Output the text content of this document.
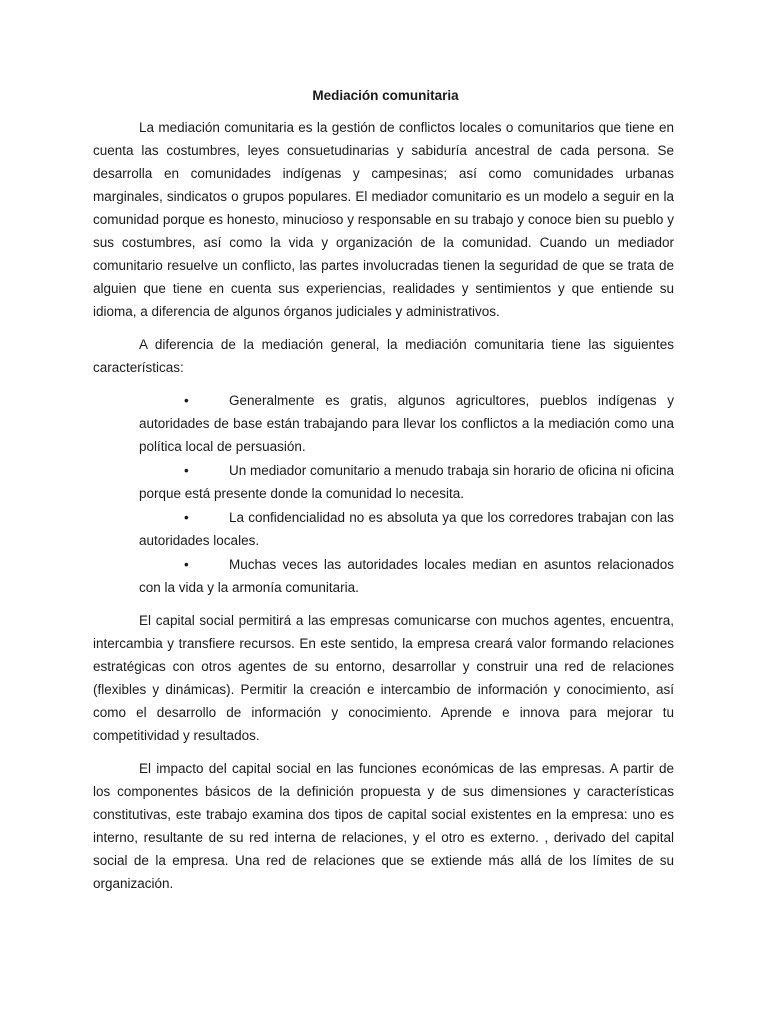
Mediación comunitaria

La mediación comunitaria es la gestión de conflictos locales o comunitarios que tiene en cuenta las costumbres, leyes consuetudinarias y sabiduría ancestral de cada persona. Se desarrolla en comunidades indígenas y campesinas; así como comunidades urbanas marginales, sindicatos o grupos populares. El mediador comunitario es un modelo a seguir en la comunidad porque es honesto, minucioso y responsable en su trabajo y conoce bien su pueblo y sus costumbres, así como la vida y organización de la comunidad. Cuando un mediador comunitario resuelve un conflicto, las partes involucradas tienen la seguridad de que se trata de alguien que tiene en cuenta sus experiencias, realidades y sentimientos y que entiende su idioma, a diferencia de algunos órganos judiciales y administrativos.

A diferencia de la mediación general, la mediación comunitaria tiene las siguientes características:

•	Generalmente es gratis, algunos agricultores, pueblos indígenas y autoridades de base están trabajando para llevar los conflictos a la mediación como una política local de persuasión.
•	Un mediador comunitario a menudo trabaja sin horario de oficina ni oficina porque está presente donde la comunidad lo necesita.
•	La confidencialidad no es absoluta ya que los corredores trabajan con las autoridades locales.
•	Muchas veces las autoridades locales median en asuntos relacionados con la vida y la armonía comunitaria.

El capital social permitirá a las empresas comunicarse con muchos agentes, encuentra, intercambia y transfiere recursos. En este sentido, la empresa creará valor formando relaciones estratégicas con otros agentes de su entorno, desarrollar y construir una red de relaciones (flexibles y dinámicas). Permitir la creación e intercambio de información y conocimiento, así como el desarrollo de información y conocimiento. Aprende e innova para mejorar tu competitividad y resultados.

El impacto del capital social en las funciones económicas de las empresas. A partir de los componentes básicos de la definición propuesta y de sus dimensiones y características constitutivas, este trabajo examina dos tipos de capital social existentes en la empresa: uno es interno, resultante de su red interna de relaciones, y el otro es externo. , derivado del capital social de la empresa. Una red de relaciones que se extiende más allá de los límites de su organización.
